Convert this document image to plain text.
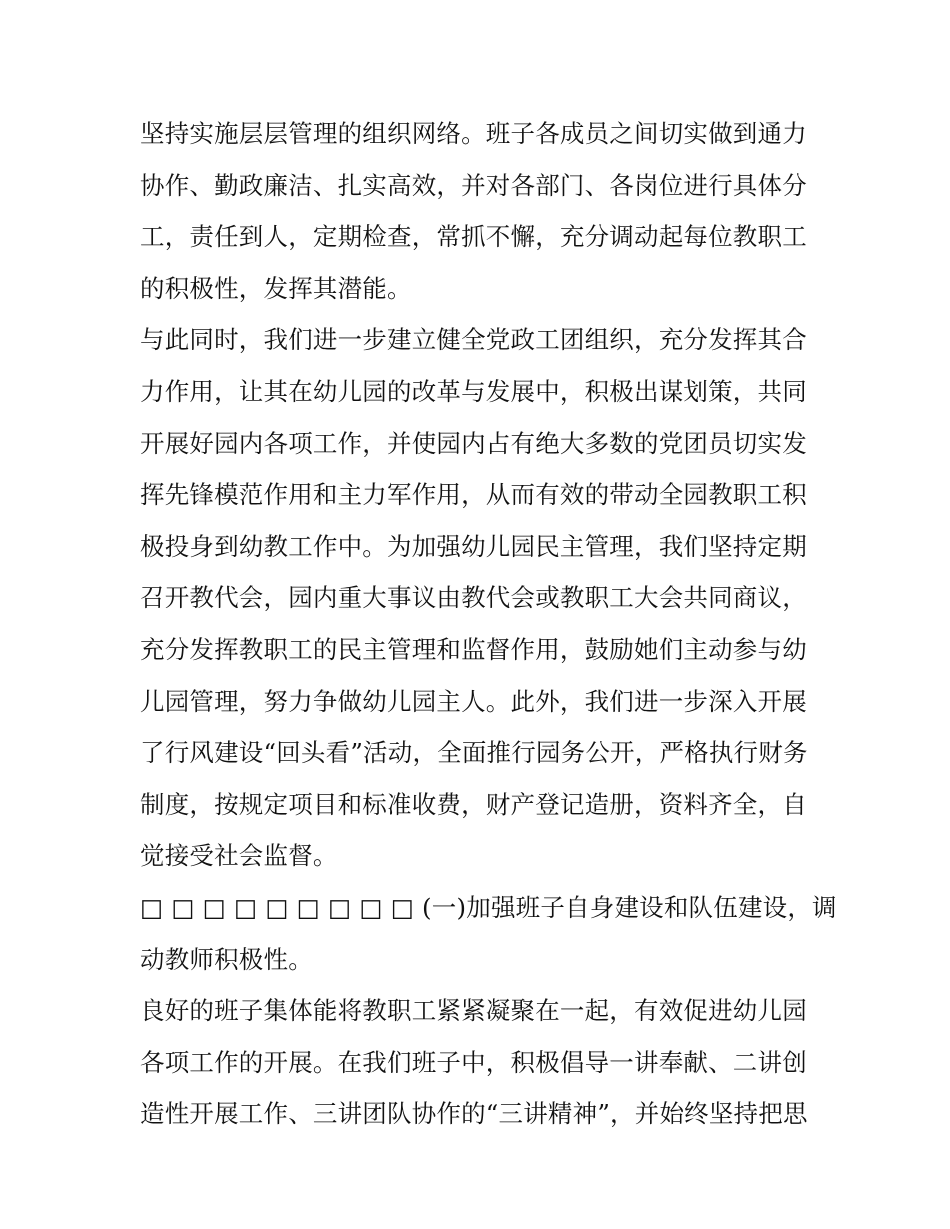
坚持实施层层管理的组织网络。班子各成员之间切实做到通力
协作、勤政廉洁、扎实高效，并对各部门、各岗位进行具体分
工，责任到人，定期检查，常抓不懈，充分调动起每位教职工
的积极性，发挥其潜能。
与此同时，我们进一步建立健全党政工团组织，充分发挥其合
力作用，让其在幼儿园的改革与发展中，积极出谋划策，共同
开展好园内各项工作，并使园内占有绝大多数的党团员切实发
挥先锋模范作用和主力军作用，从而有效的带动全园教职工积
极投身到幼教工作中。为加强幼儿园民主管理，我们坚持定期
召开教代会，园内重大事议由教代会或教职工大会共同商议，
充分发挥教职工的民主管理和监督作用，鼓励她们主动参与幼
儿园管理，努力争做幼儿园主人。此外，我们进一步深入开展
了行风建设“回头看”活动，全面推行园务公开，严格执行财务
制度，按规定项目和标准收费，财产登记造册，资料齐全，自
觉接受社会监督。
□ □ □ □ □ □ □ □ □ (一)加强班子自身建设和队伍建设，调
动教师积极性。
良好的班子集体能将教职工紧紧凝聚在一起，有效促进幼儿园
各项工作的开展。在我们班子中，积极倡导一讲奉献、二讲创
造性开展工作、三讲团队协作的“三讲精神”，并始终坚持把思
